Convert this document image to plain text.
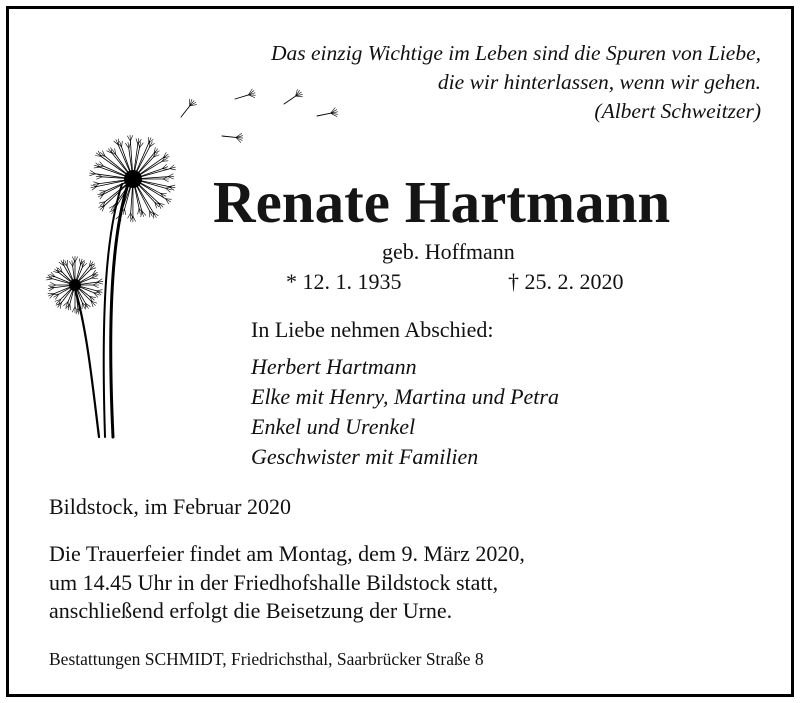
Das einzig Wichtige im Leben sind die Spuren von Liebe,
die wir hinterlassen, wenn wir gehen.
(Albert Schweitzer)
Renate Hartmann
geb. Hoffmann
* 12. 1. 1935	† 25. 2. 2020
In Liebe nehmen Abschied:
Herbert Hartmann
Elke mit Henry, Martina und Petra
Enkel und Urenkel
Geschwister mit Familien
Bildstock, im Februar 2020
Die Trauerfeier findet am Montag, dem 9. März 2020,
um 14.45 Uhr in der Friedhofshalle Bildstock statt,
anschließend erfolgt die Beisetzung der Urne.
Bestattungen SCHMIDT, Friedrichsthal, Saarbrücker Straße 8
